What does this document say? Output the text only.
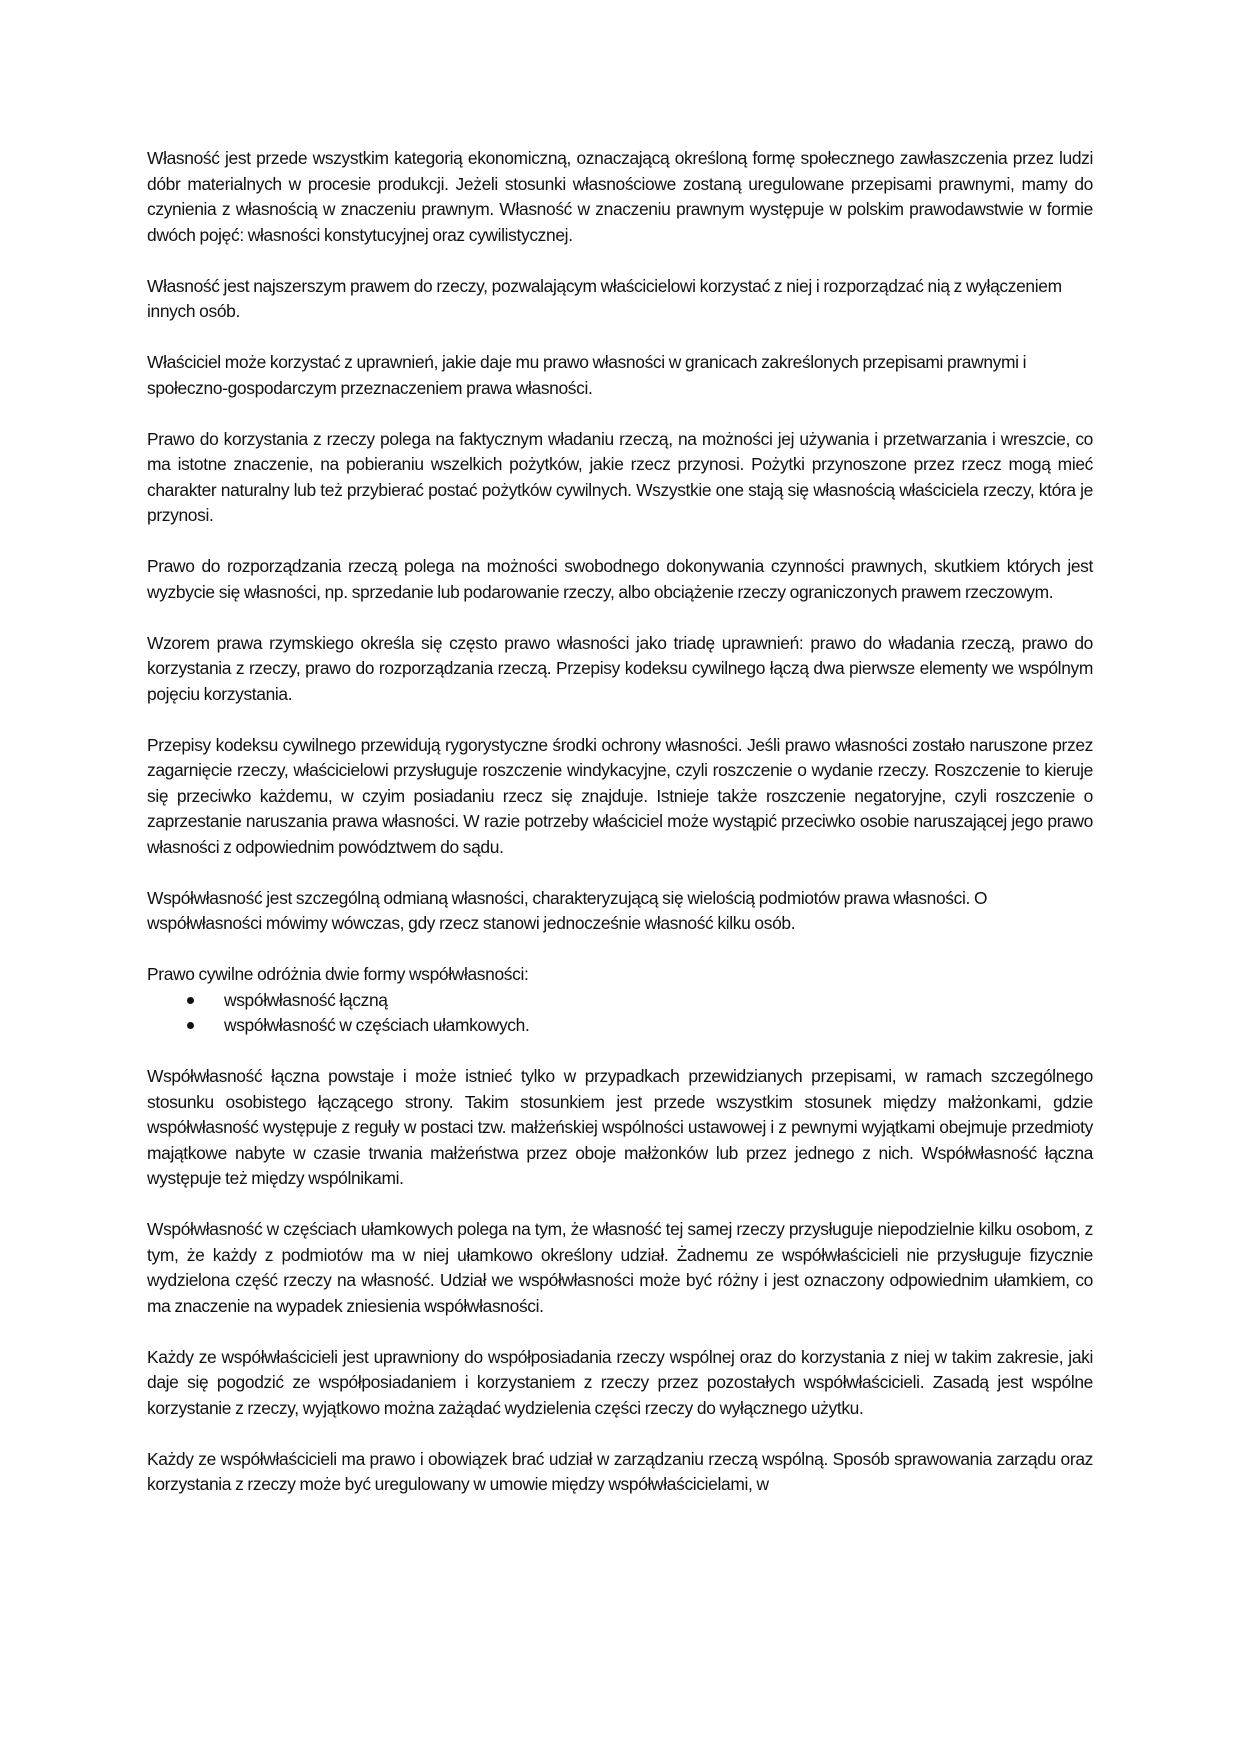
Własność jest przede wszystkim kategorią ekonomiczną, oznaczającą określoną formę społecznego zawłaszczenia przez ludzi dóbr materialnych w procesie produkcji. Jeżeli stosunki własnościowe zostaną uregulowane przepisami prawnymi, mamy do czynienia z własnością w znaczeniu prawnym. Własność w znaczeniu prawnym występuje w polskim prawodawstwie w formie dwóch pojęć: własności konstytucyjnej oraz cywilistycznej.

Własność jest najszerszym prawem do rzeczy, pozwalającym właścicielowi korzystać z niej i rozporządzać nią z wyłączeniem innych osób.

Właściciel może korzystać z uprawnień, jakie daje mu prawo własności w granicach zakreślonych przepisami prawnymi i społeczno-gospodarczym przeznaczeniem prawa własności.

Prawo do korzystania z rzeczy polega na faktycznym władaniu rzeczą, na możności jej używania i przetwarzania i wreszcie, co ma istotne znaczenie, na pobieraniu wszelkich pożytków, jakie rzecz przynosi. Pożytki przynoszone przez rzecz mogą mieć charakter naturalny lub też przybierać postać pożytków cywilnych. Wszystkie one stają się własnością właściciela rzeczy, która je przynosi.

Prawo do rozporządzania rzeczą polega na możności swobodnego dokonywania czynności prawnych, skutkiem których jest wyzbycie się własności, np. sprzedanie lub podarowanie rzeczy, albo obciążenie rzeczy ograniczonych prawem rzeczowym.

Wzorem prawa rzymskiego określa się często prawo własności jako triadę uprawnień: prawo do władania rzeczą, prawo do korzystania z rzeczy, prawo do rozporządzania rzeczą. Przepisy kodeksu cywilnego łączą dwa pierwsze elementy we wspólnym pojęciu korzystania.

Przepisy kodeksu cywilnego przewidują rygorystyczne środki ochrony własności. Jeśli prawo własności zostało naruszone przez zagarnięcie rzeczy, właścicielowi przysługuje roszczenie windykacyjne, czyli roszczenie o wydanie rzeczy. Roszczenie to kieruje się przeciwko każdemu, w czyim posiadaniu rzecz się znajduje. Istnieje także roszczenie negatoryjne, czyli roszczenie o zaprzestanie naruszania prawa własności. W razie potrzeby właściciel może wystąpić przeciwko osobie naruszającej jego prawo własności z odpowiednim powództwem do sądu.

Współwłasność jest szczególną odmianą własności, charakteryzującą się wielością podmiotów prawa własności. O współwłasności mówimy wówczas, gdy rzecz stanowi jednocześnie własność kilku osób.

Prawo cywilne odróżnia dwie formy współwłasności:

współwłasność łączną
współwłasność w częściach ułamkowych.

Współwłasność łączna powstaje i może istnieć tylko w przypadkach przewidzianych przepisami, w ramach szczególnego stosunku osobistego łączącego strony. Takim stosunkiem jest przede wszystkim stosunek między małżonkami, gdzie współwłasność występuje z reguły w postaci tzw. małżeńskiej wspólności ustawowej i z pewnymi wyjątkami obejmuje przedmioty majątkowe nabyte w czasie trwania małżeństwa przez oboje małżonków lub przez jednego z nich. Współwłasność łączna występuje też między wspólnikami.

Współwłasność w częściach ułamkowych polega na tym, że własność tej samej rzeczy przysługuje niepodzielnie kilku osobom, z tym, że każdy z podmiotów ma w niej ułamkowo określony udział. Żadnemu ze współwłaścicieli nie przysługuje fizycznie wydzielona część rzeczy na własność. Udział we współwłasności może być różny i jest oznaczony odpowiednim ułamkiem, co ma znaczenie na wypadek zniesienia współwłasności.

Każdy ze współwłaścicieli jest uprawniony do współposiadania rzeczy wspólnej oraz do korzystania z niej w takim zakresie, jaki daje się pogodzić ze współposiadaniem i korzystaniem z rzeczy przez pozostałych współwłaścicieli. Zasadą jest wspólne korzystanie z rzeczy, wyjątkowo można zażądać wydzielenia części rzeczy do wyłącznego użytku.

Każdy ze współwłaścicieli ma prawo i obowiązek brać udział w zarządzaniu rzeczą wspólną. Sposób sprawowania zarządu oraz korzystania z rzeczy może być uregulowany w umowie między współwłaścicielami, w
